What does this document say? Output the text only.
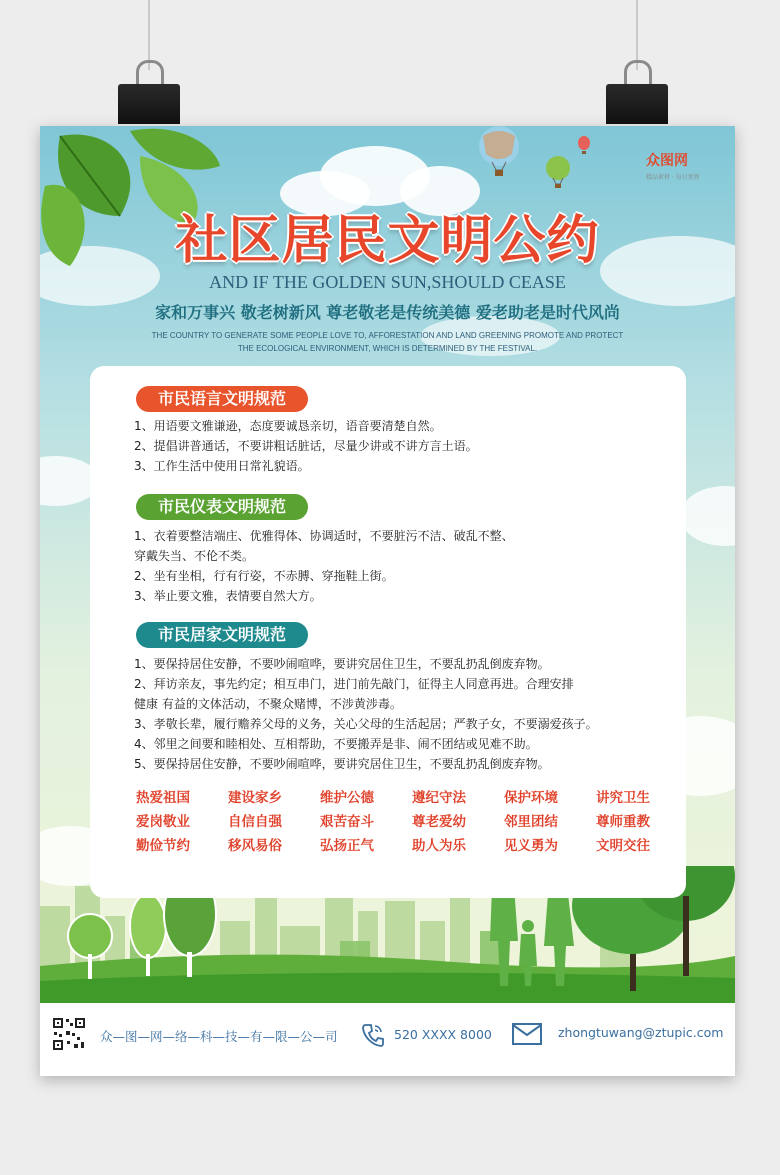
众图网
精品素材 · 每日更新
社区居民文明公约
AND IF THE GOLDEN SUN,SHOULD CEASE
家和万事兴 敬老树新风 尊老敬老是传统美德 爱老助老是时代风尚
THE COUNTRY TO GENERATE SOME PEOPLE LOVE TO, AFFORESTATION AND LAND GREENING PROMOTE AND PROTECT
THE ECOLOGICAL ENVIRONMENT, WHICH IS DETERMINED BY THE FESTIVAL.
市民语言文明规范
1、用语要文雅谦逊，态度要诚恳亲切，语音要清楚自然。
2、提倡讲普通话，不要讲粗话脏话，尽量少讲或不讲方言土语。
3、工作生活中使用日常礼貌语。
市民仪表文明规范
1、衣着要整洁端庄、优雅得体、协调适时，不要脏污不洁、破乱不整、
穿戴失当、不伦不类。
2、坐有坐相，行有行姿，不赤膊、穿拖鞋上街。
3、举止要文雅，表情要自然大方。
市民居家文明规范
1、要保持居住安静，不要吵闹喧哗，要讲究居住卫生，不要乱扔乱倒废弃物。
2、拜访亲友，事先约定；相互串门，进门前先敲门，征得主人同意再进。合理安排
健康 有益的文体活动，不聚众赌博，不涉黄涉毒。
3、孝敬长辈，履行赡养父母的义务，关心父母的生活起居；严教子女，不要溺爱孩子。
4、邻里之间要和睦相处、互相帮助，不要搬弄是非、闹不团结或见难不助。
5、要保持居住安静，不要吵闹喧哗，要讲究居住卫生，不要乱扔乱倒废弃物。
热爱祖国	建设家乡	维护公德	遵纪守法	保护环境	讲究卫生
爱岗敬业	自信自强	艰苦奋斗	尊老爱幼	邻里团结	尊师重教
勤俭节约	移风易俗	弘扬正气	助人为乐	见义勇为	文明交往
众—图—网—络—科—技—有—限—公—司	520 XXXX 8000	zhongtuwang@ztupic.com
